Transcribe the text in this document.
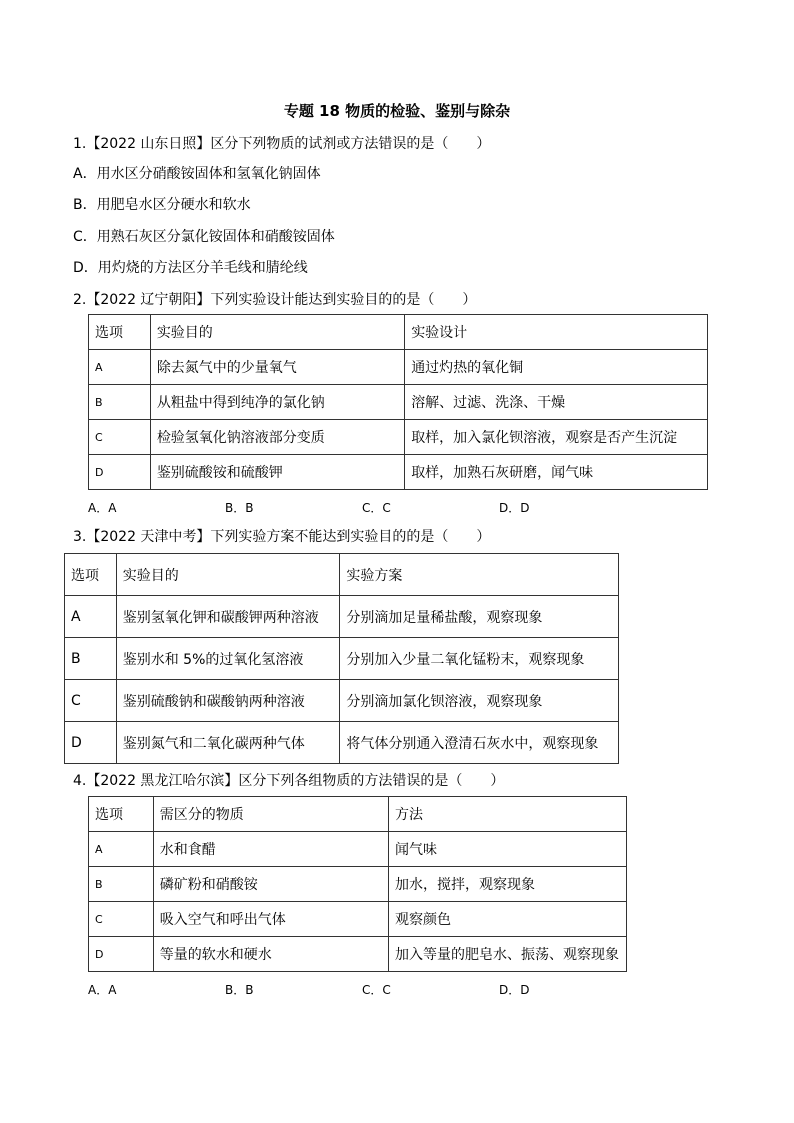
专题 18 物质的检验、鉴别与除杂
1.【2022 山东日照】区分下列物质的试剂或方法错误的是（　　）
A．用水区分硝酸铵固体和氢氧化钠固体
B．用肥皂水区分硬水和软水
C．用熟石灰区分氯化铵固体和硝酸铵固体
D．用灼烧的方法区分羊毛线和腈纶线
2.【2022 辽宁朝阳】下列实验设计能达到实验目的的是（　　）
选项	实验目的	实验设计
A	除去氮气中的少量氧气	通过灼热的氧化铜
B	从粗盐中得到纯净的氯化钠	溶解、过滤、洗涤、干燥
C	检验氢氧化钠溶液部分变质	取样，加入氯化钡溶液，观察是否产生沉淀
D	鉴别硫酸铵和硫酸钾	取样，加熟石灰研磨，闻气味
A．A	B．B	C．C	D．D
3.【2022 天津中考】下列实验方案不能达到实验目的的是（　　）
选项	实验目的	实验方案
A	鉴别氢氧化钾和碳酸钾两种溶液	分别滴加足量稀盐酸，观察现象
B	鉴别水和 5%的过氧化氢溶液	分别加入少量二氧化锰粉末，观察现象
C	鉴别硫酸钠和碳酸钠两种溶液	分别滴加氯化钡溶液，观察现象
D	鉴别氮气和二氧化碳两种气体	将气体分别通入澄清石灰水中，观察现象
4.【2022 黑龙江哈尔滨】区分下列各组物质的方法错误的是（　　）
选项	需区分的物质	方法
A	水和食醋	闻气味
B	磷矿粉和硝酸铵	加水，搅拌，观察现象
C	吸入空气和呼出气体	观察颜色
D	等量的软水和硬水	加入等量的肥皂水、振荡、观察现象
A．A	B．B	C．C	D．D
